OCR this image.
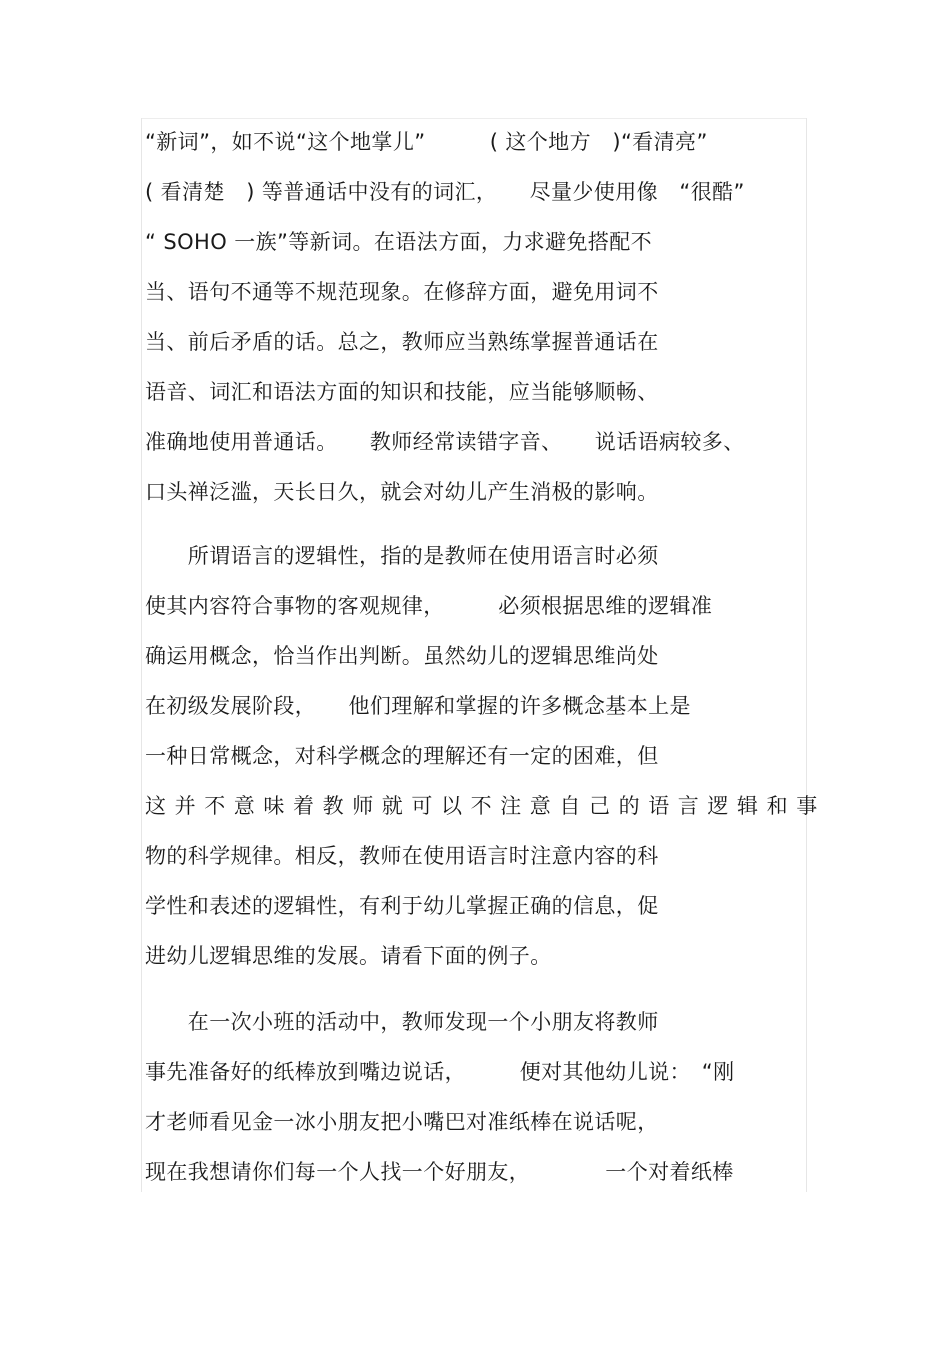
“新词”，如不说“这个地掌儿”　　　( 这个地方　)“看清亮”
( 看清楚　) 等普通话中没有的词汇，　　尽量少使用像　“很酷”
“ SOHO 一族”等新词。在语法方面，力求避免搭配不
当、语句不通等不规范现象。在修辞方面，避免用词不
当、前后矛盾的话。总之，教师应当熟练掌握普通话在
语音、词汇和语法方面的知识和技能，应当能够顺畅、
准确地使用普通话。　　教师经常读错字音、　　说话语病较多、
口头禅泛滥，天长日久，就会对幼儿产生消极的影响。
　　所谓语言的逻辑性，指的是教师在使用语言时必须
使其内容符合事物的客观规律，　　　必须根据思维的逻辑准
确运用概念，恰当作出判断。虽然幼儿的逻辑思维尚处
在初级发展阶段，　　他们理解和掌握的许多概念基本上是
一种日常概念，对科学概念的理解还有一定的困难，但
这并不意味着教师就可以不注意自己的语言逻辑和事
物的科学规律。相反，教师在使用语言时注意内容的科
学性和表述的逻辑性，有利于幼儿掌握正确的信息，促
进幼儿逻辑思维的发展。请看下面的例子。
　　在一次小班的活动中，教师发现一个小朋友将教师
事先准备好的纸棒放到嘴边说话，　　　便对其他幼儿说：　“刚
才老师看见金一冰小朋友把小嘴巴对准纸棒在说话呢，
现在我想请你们每一个人找一个好朋友，　　　　一个对着纸棒
